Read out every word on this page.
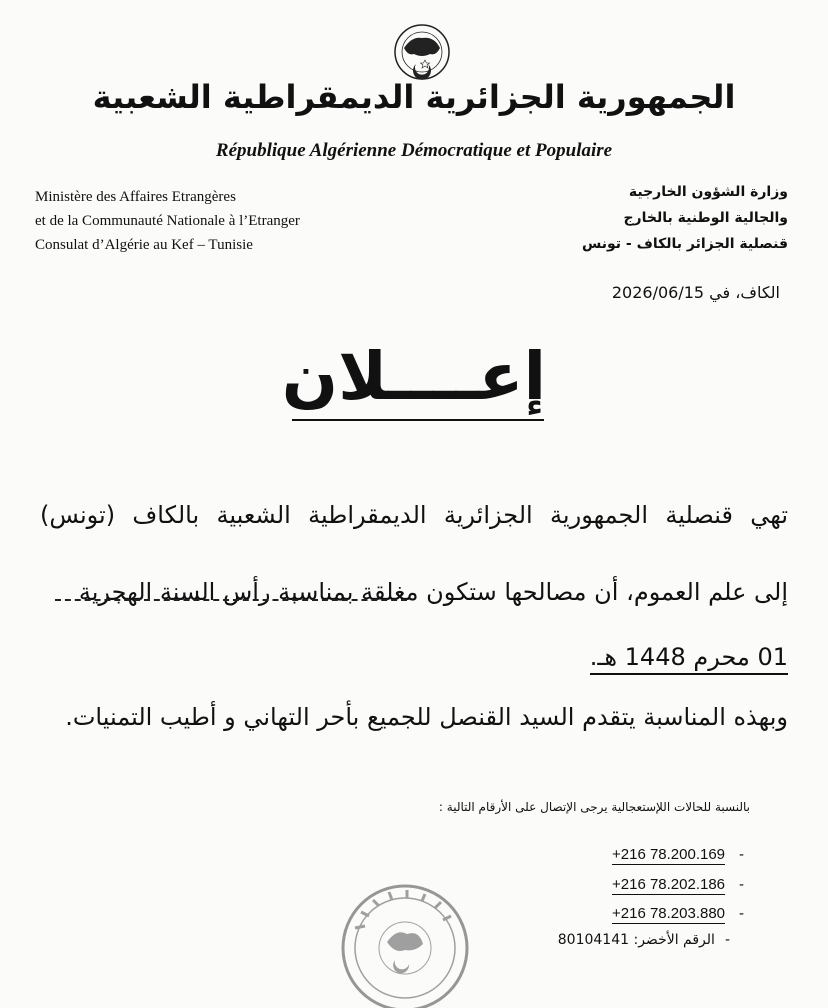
الجمهورية الجزائرية الديمقراطية الشعبية
République Algérienne Démocratique et Populaire
Ministère des Affaires Etrangères
et de la Communauté Nationale à l’Etranger
Consulat d’Algérie au Kef – Tunisie
وزارة الشؤون الخارجية
والجالية الوطنية بالخارج
قنصلية الجزائر بالكاف - تونس
الكاف، في 2026/06/15
إعــــلان
تهي قنصلية الجمهورية الجزائرية الديمقراطية الشعبية بالكاف (تونس)
إلى علم العموم، أن مصالحها ستكون مغلقة بمناسبة رأس السنة الهجرية
01 محرم 1448 هـ.
وبهذه المناسبة يتقدم السيد القنصل للجميع بأحر التهاني و أطيب التمنيات.
بالنسبة للحالات اللإستعجالية يرجى الإتصال على الأرقام التالية :
+216 78.200.169 -
+216 78.202.186 -
+216 78.203.880 -
-الرقم الأخضر: 80104141
